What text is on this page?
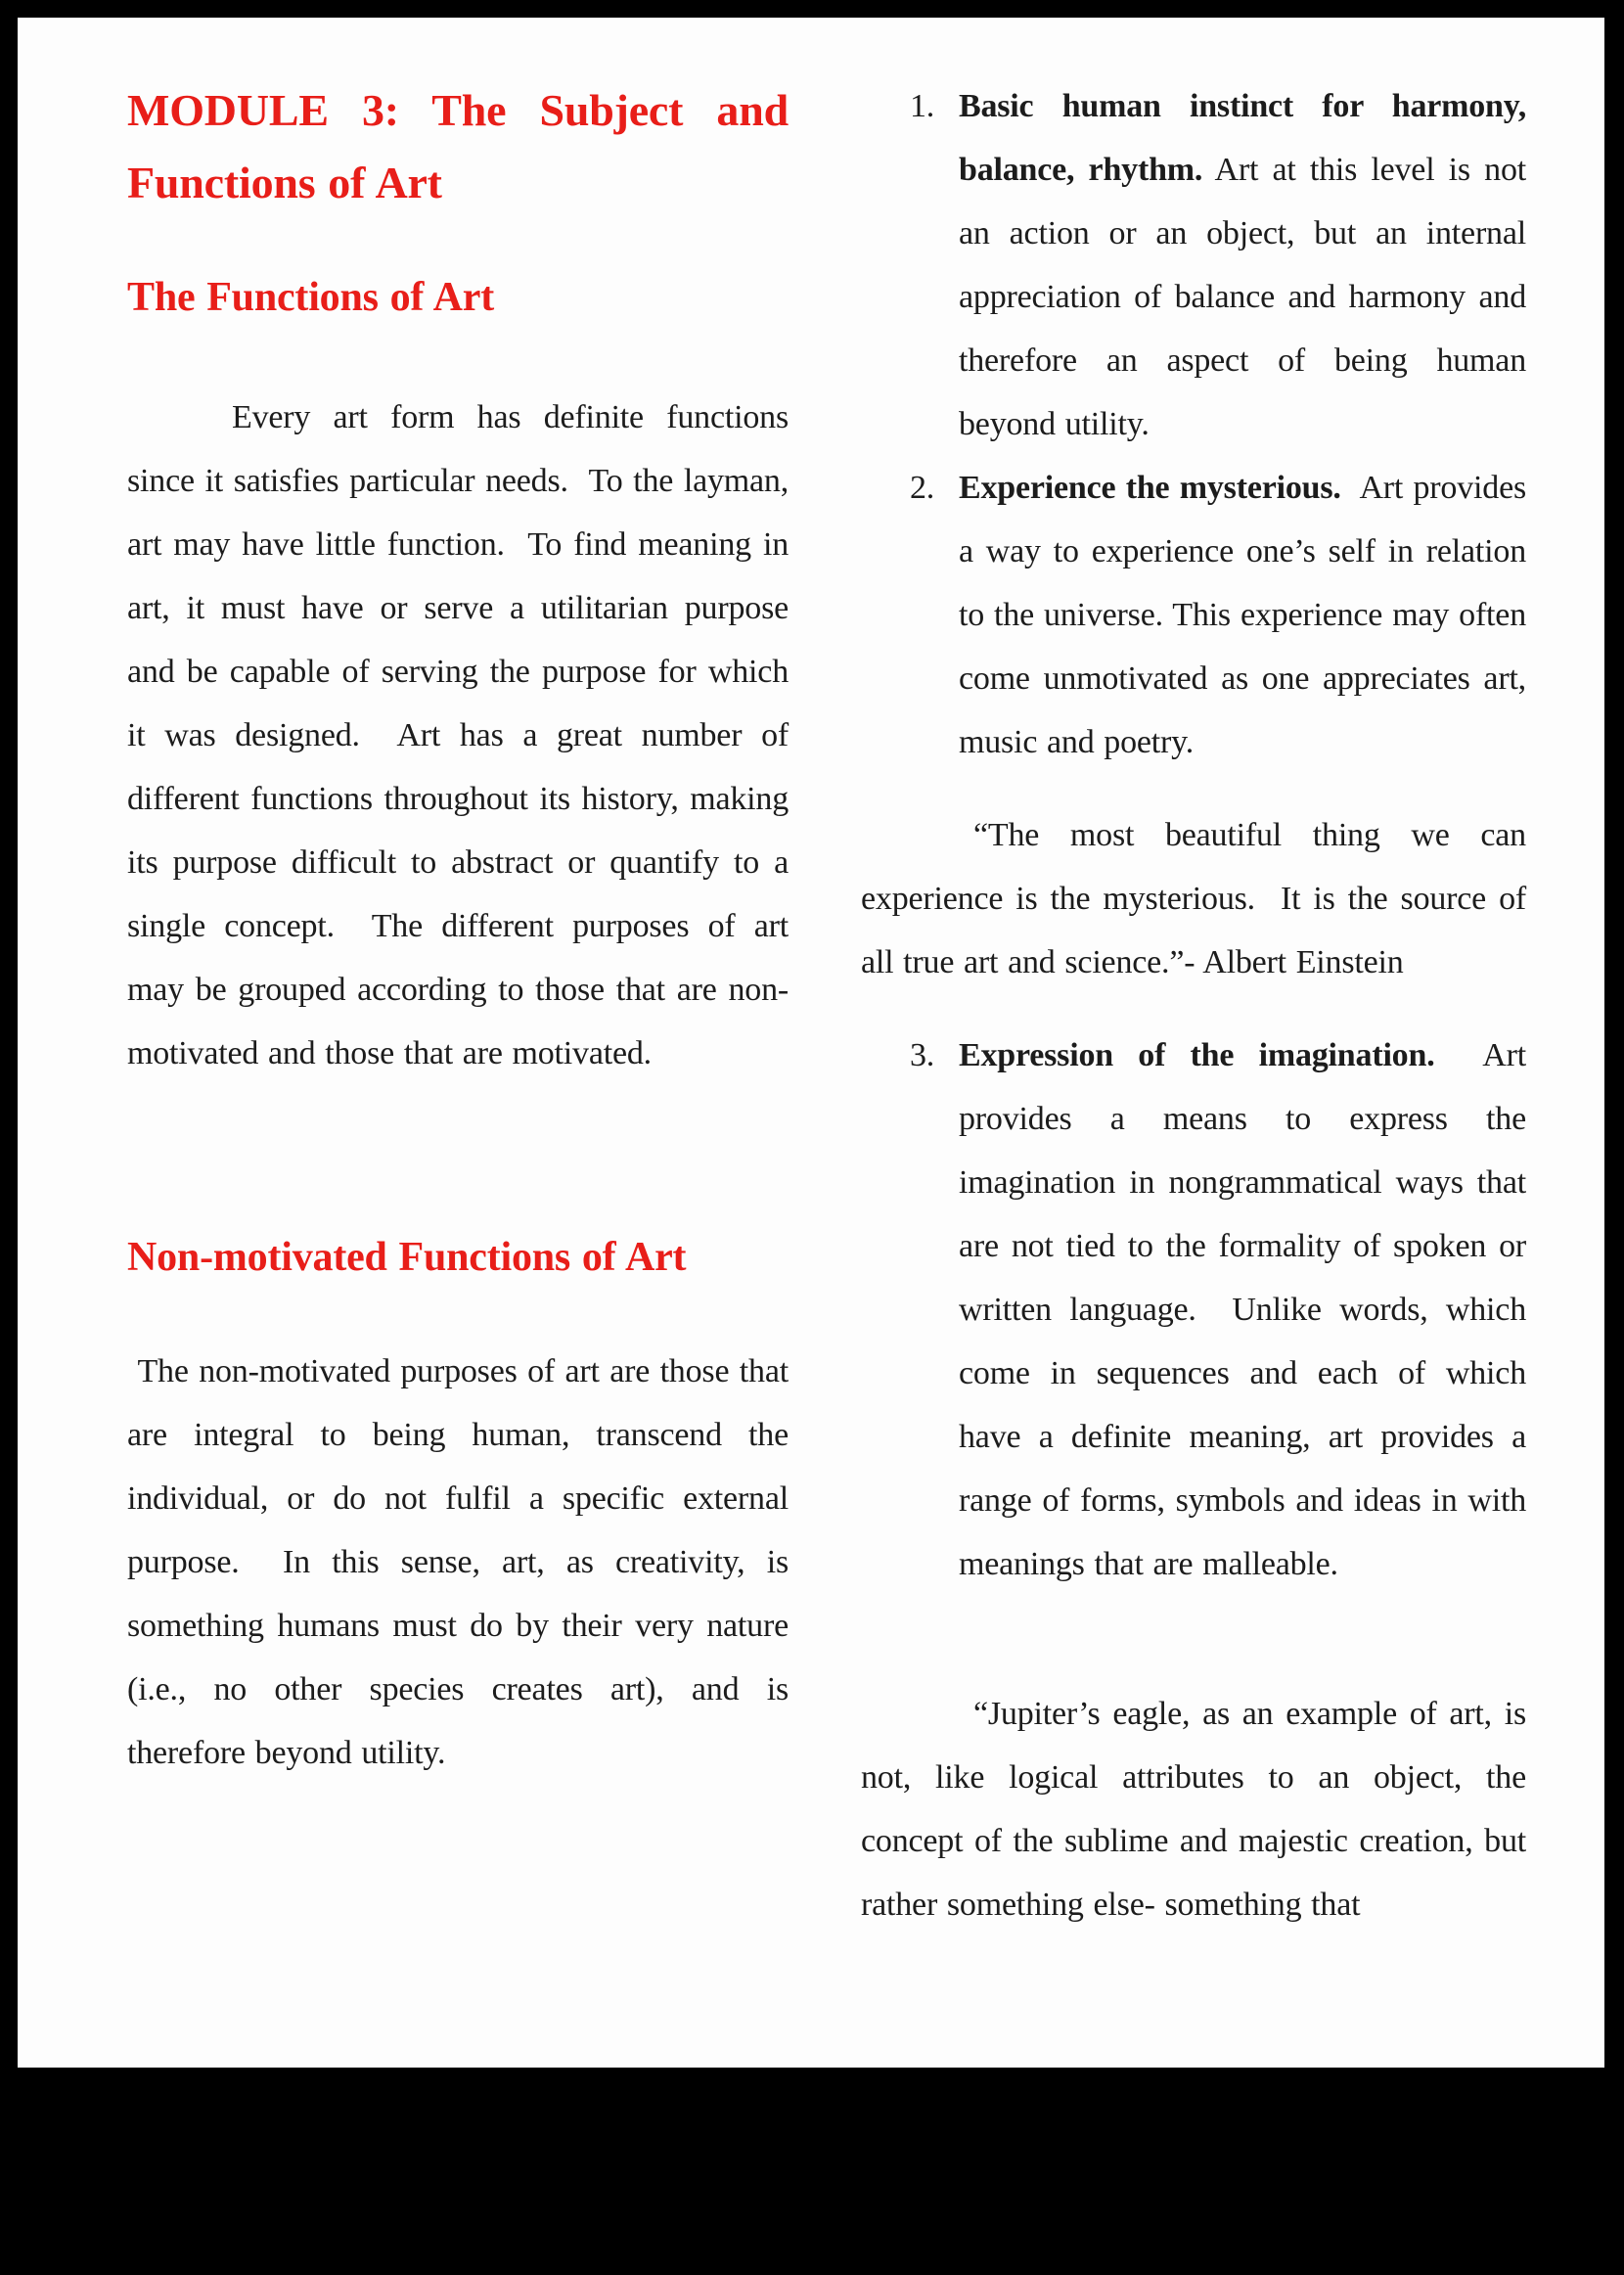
MODULE 3: The Subject and
Functions of Art
The Functions of Art

Every art form has definite functions since it satisfies particular needs.  To the layman, art may have little function.  To find meaning in art, it must have or serve a utilitarian purpose and be capable of serving the purpose for which it was designed.  Art has a great number of different functions throughout its history, making its purpose difficult to abstract or quantify to a single concept.  The different purposes of art may be grouped according to those that are non-motivated and those that are motivated.

Non-motivated Functions of Art

The non-motivated purposes of art are those that are integral to being human, transcend the individual, or do not fulfil a specific external purpose.  In this sense, art, as creativity, is something humans must do by their very nature (i.e., no other species creates art), and is therefore beyond utility.

1. Basic human instinct for harmony, balance, rhythm. Art at this level is not an action or an object, but an internal appreciation of balance and harmony and therefore an aspect of being human beyond utility.
2. Experience the mysterious.  Art provides a way to experience one’s self in relation to the universe. This experience may often come unmotivated as one appreciates art, music and poetry.

“The most beautiful thing we can experience is the mysterious.  It is the source of all true art and science.”- Albert Einstein

3. Expression of the imagination.  Art provides a means to express the imagination in nongrammatical ways that are not tied to the formality of spoken or written language.  Unlike words, which come in sequences and each of which have a definite meaning, art provides a range of forms, symbols and ideas in with meanings that are malleable.

“Jupiter’s eagle, as an example of art, is not, like logical attributes to an object, the concept of the sublime and majestic creation, but rather something else- something that
